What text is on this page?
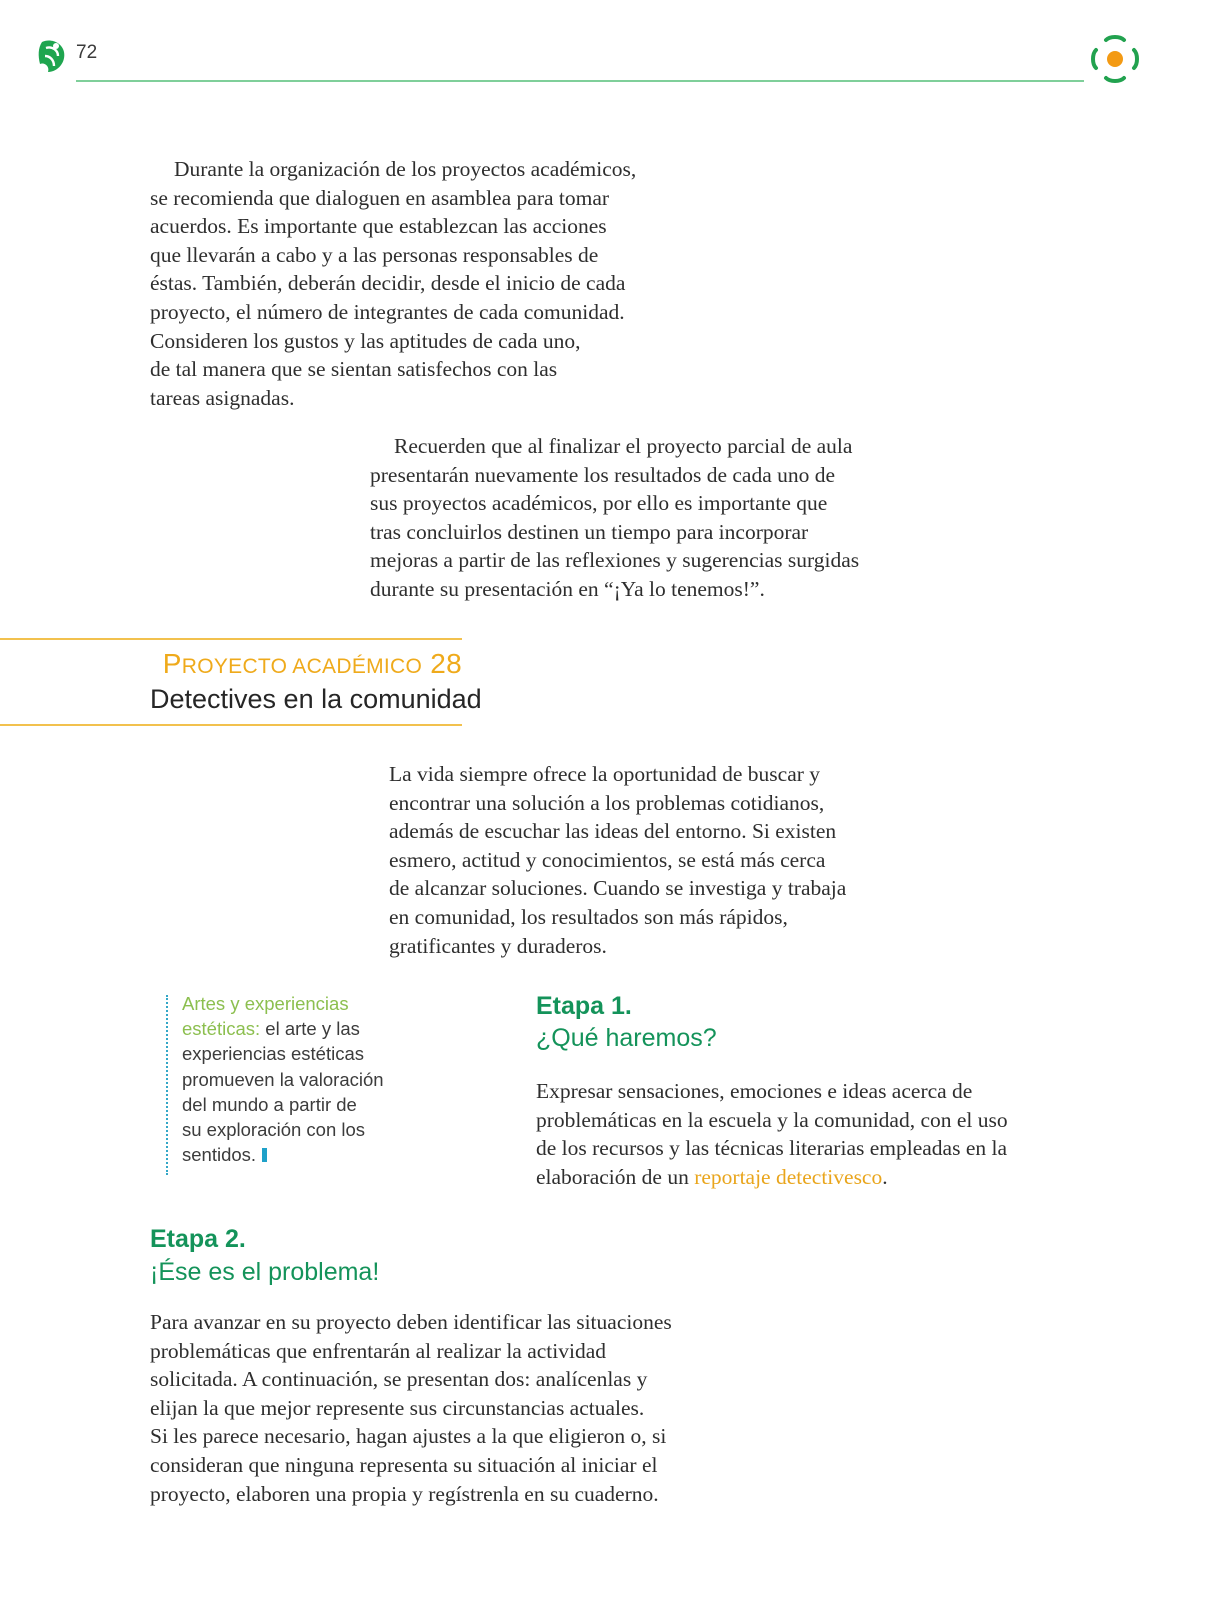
72
Durante la organización de los proyectos académicos,
se recomienda que dialoguen en asamblea para tomar
acuerdos. Es importante que establezcan las acciones
que llevarán a cabo y a las personas responsables de
éstas. También, deberán decidir, desde el inicio de cada
proyecto, el número de integrantes de cada comunidad.
Consideren los gustos y las aptitudes de cada uno,
de tal manera que se sientan satisfechos con las
tareas asignadas.
Recuerden que al finalizar el proyecto parcial de aula
presentarán nuevamente los resultados de cada uno de
sus proyectos académicos, por ello es importante que
tras concluirlos destinen un tiempo para incorporar
mejoras a partir de las reflexiones y sugerencias surgidas
durante su presentación en “¡Ya lo tenemos!”.
PROYECTO ACADÉMICO 28
Detectives en la comunidad
La vida siempre ofrece la oportunidad de buscar y
encontrar una solución a los problemas cotidianos,
además de escuchar las ideas del entorno. Si existen
esmero, actitud y conocimientos, se está más cerca
de alcanzar soluciones. Cuando se investiga y trabaja
en comunidad, los resultados son más rápidos,
gratificantes y duraderos.
Artes y experiencias
estéticas: el arte y las
experiencias estéticas
promueven la valoración
del mundo a partir de
su exploración con los
sentidos.
Etapa 1.
¿Qué haremos?
Expresar sensaciones, emociones e ideas acerca de
problemáticas en la escuela y la comunidad, con el uso
de los recursos y las técnicas literarias empleadas en la
elaboración de un reportaje detectivesco.
Etapa 2.
¡Ése es el problema!
Para avanzar en su proyecto deben identificar las situaciones
problemáticas que enfrentarán al realizar la actividad
solicitada. A continuación, se presentan dos: analícenlas y
elijan la que mejor represente sus circunstancias actuales.
Si les parece necesario, hagan ajustes a la que eligieron o, si
consideran que ninguna representa su situación al iniciar el
proyecto, elaboren una propia y regístrenla en su cuaderno.
